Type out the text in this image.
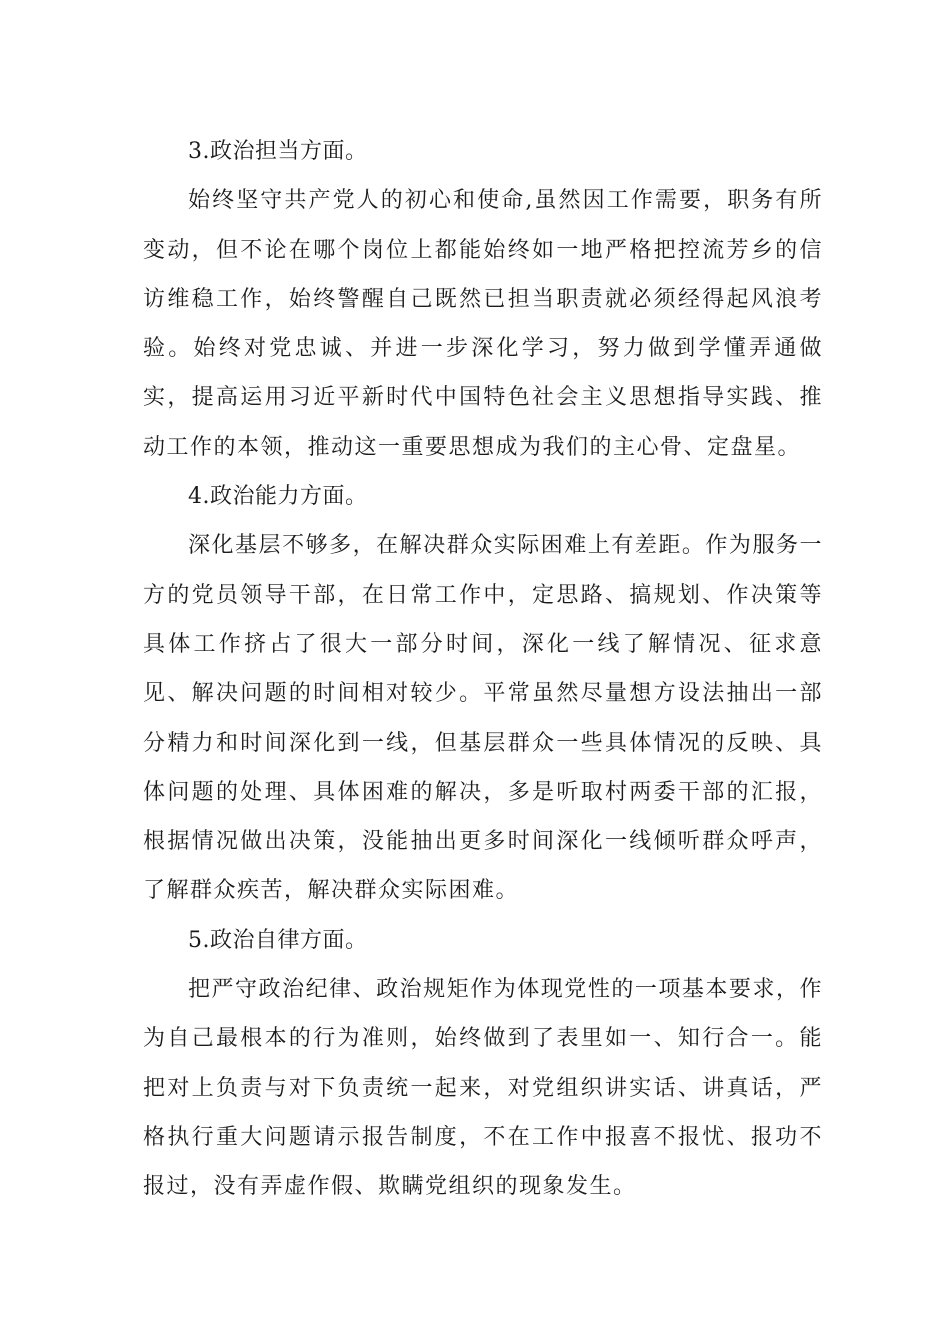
3.政治担当方面。

始终坚守共产党人的初心和使命,虽然因工作需要，职务有所变动，但不论在哪个岗位上都能始终如一地严格把控流芳乡的信访维稳工作，始终警醒自己既然已担当职责就必须经得起风浪考验。始终对党忠诚、并进一步深化学习，努力做到学懂弄通做实，提高运用习近平新时代中国特色社会主义思想指导实践、推动工作的本领，推动这一重要思想成为我们的主心骨、定盘星。

4.政治能力方面。

深化基层不够多，在解决群众实际困难上有差距。作为服务一方的党员领导干部，在日常工作中，定思路、搞规划、作决策等具体工作挤占了很大一部分时间，深化一线了解情况、征求意见、解决问题的时间相对较少。平常虽然尽量想方设法抽出一部分精力和时间深化到一线，但基层群众一些具体情况的反映、具体问题的处理、具体困难的解决，多是听取村两委干部的汇报，根据情况做出决策，没能抽出更多时间深化一线倾听群众呼声，了解群众疾苦，解决群众实际困难。

5.政治自律方面。

把严守政治纪律、政治规矩作为体现党性的一项基本要求，作为自己最根本的行为准则，始终做到了表里如一、知行合一。能把对上负责与对下负责统一起来，对党组织讲实话、讲真话，严格执行重大问题请示报告制度，不在工作中报喜不报忧、报功不报过，没有弄虚作假、欺瞒党组织的现象发生。
